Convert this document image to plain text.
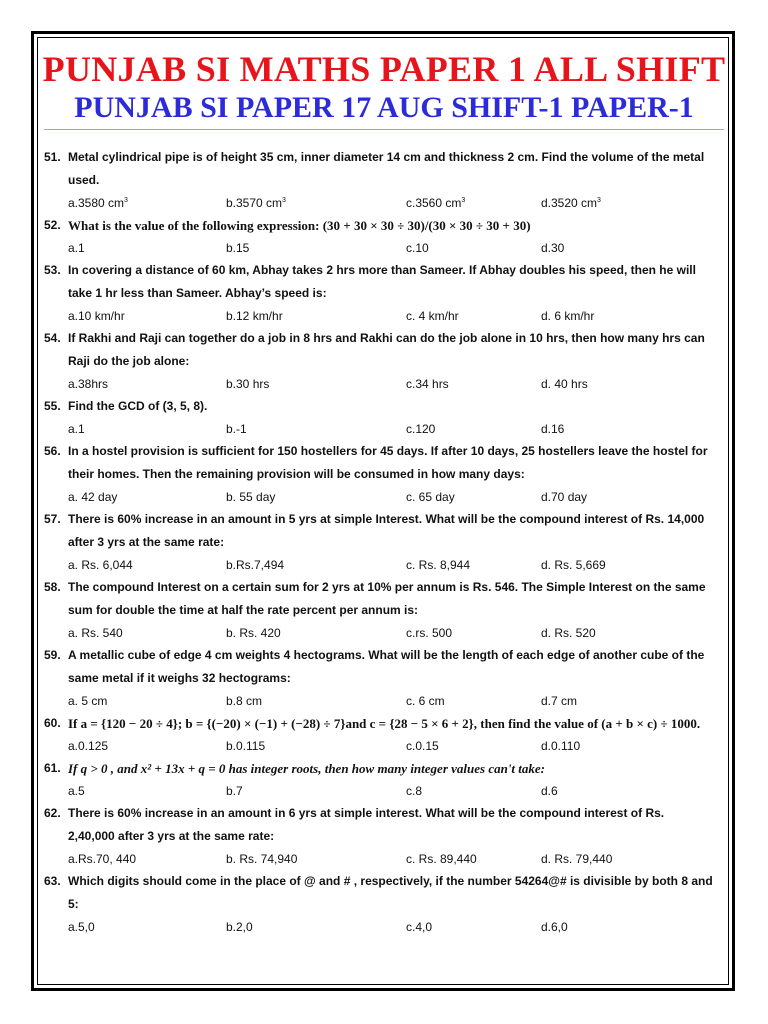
PUNJAB SI MATHS PAPER 1 ALL SHIFT
PUNJAB SI PAPER 17 AUG SHIFT-1 PAPER-1
51. Metal cylindrical pipe is of height 35 cm, inner diameter 14 cm and thickness 2 cm. Find the volume of the metal used.
a.3580 $cm^3$	b.3570 $cm^3$	c.3560 $cm^3$	d.3520 $cm^3$
52. What is the value of the following expression: (30 + 30 × 30 ÷ 30)/(30 × 30 ÷ 30 + 30)
a.1	b.15	c.10	d.30
53. In covering a distance of 60 km, Abhay takes 2 hrs more than Sameer. If Abhay doubles his speed, then he will take 1 hr less than Sameer. Abhay’s speed is:
a.10 km/hr	b.12 km/hr	c. 4 km/hr	d. 6 km/hr
54. If Rakhi and Raji can together do a job in 8 hrs and Rakhi can do the job alone in 10 hrs, then how many hrs can Raji do the job alone:
a.38hrs	b.30 hrs	c.34 hrs	d. 40 hrs
55. Find the GCD of (3, 5, 8).
a.1	b.-1	c.120	d.16
56. In a hostel provision is sufficient for 150 hostellers for 45 days. If after 10 days, 25 hostellers leave the hostel for their homes. Then the remaining provision will be consumed in how many days:
a. 42 day	b. 55 day	c. 65 day	d.70 day
57. There is 60% increase in an amount in 5 yrs at simple Interest. What will be the compound interest of Rs. 14,000 after 3 yrs at the same rate:
a. Rs. 6,044	b.Rs.7,494	c. Rs. 8,944	d. Rs. 5,669
58. The compound Interest on a certain sum for 2 yrs at 10% per annum is Rs. 546. The Simple Interest on the same sum for double the time at half the rate percent per annum is:
a. Rs. 540	b. Rs. 420	c.rs. 500	d. Rs. 520
59. A metallic cube of edge 4 cm weights 4 hectograms. What will be the length of each edge of another cube of the same metal if it weighs 32 hectograms:
a. 5 cm	b.8 cm	c. 6 cm	d.7 cm
60. If a = {120 − 20 ÷ 4}; b = {(−20) × (−1) + (−28) ÷ 7}and c = {28 − 5 × 6 + 2}, then find the value of (a + b × c) ÷ 1000.
a.0.125	b.0.115	c.0.15	d.0.110
61. If q > 0 , and x² + 13x + q = 0 has integer roots, then how many integer values can't take:
a.5	b.7	c.8	d.6
62. There is 60% increase in an amount in 6 yrs at simple interest. What will be the compound interest of Rs. 2,40,000 after 3 yrs at the same rate:
a.Rs.70, 440	b. Rs. 74,940	c. Rs. 89,440	d. Rs. 79,440
63. Which digits should come in the place of @ and # , respectively, if the number 54264@# is divisible by both 8 and 5:
a.5,0	b.2,0	c.4,0	d.6,0
